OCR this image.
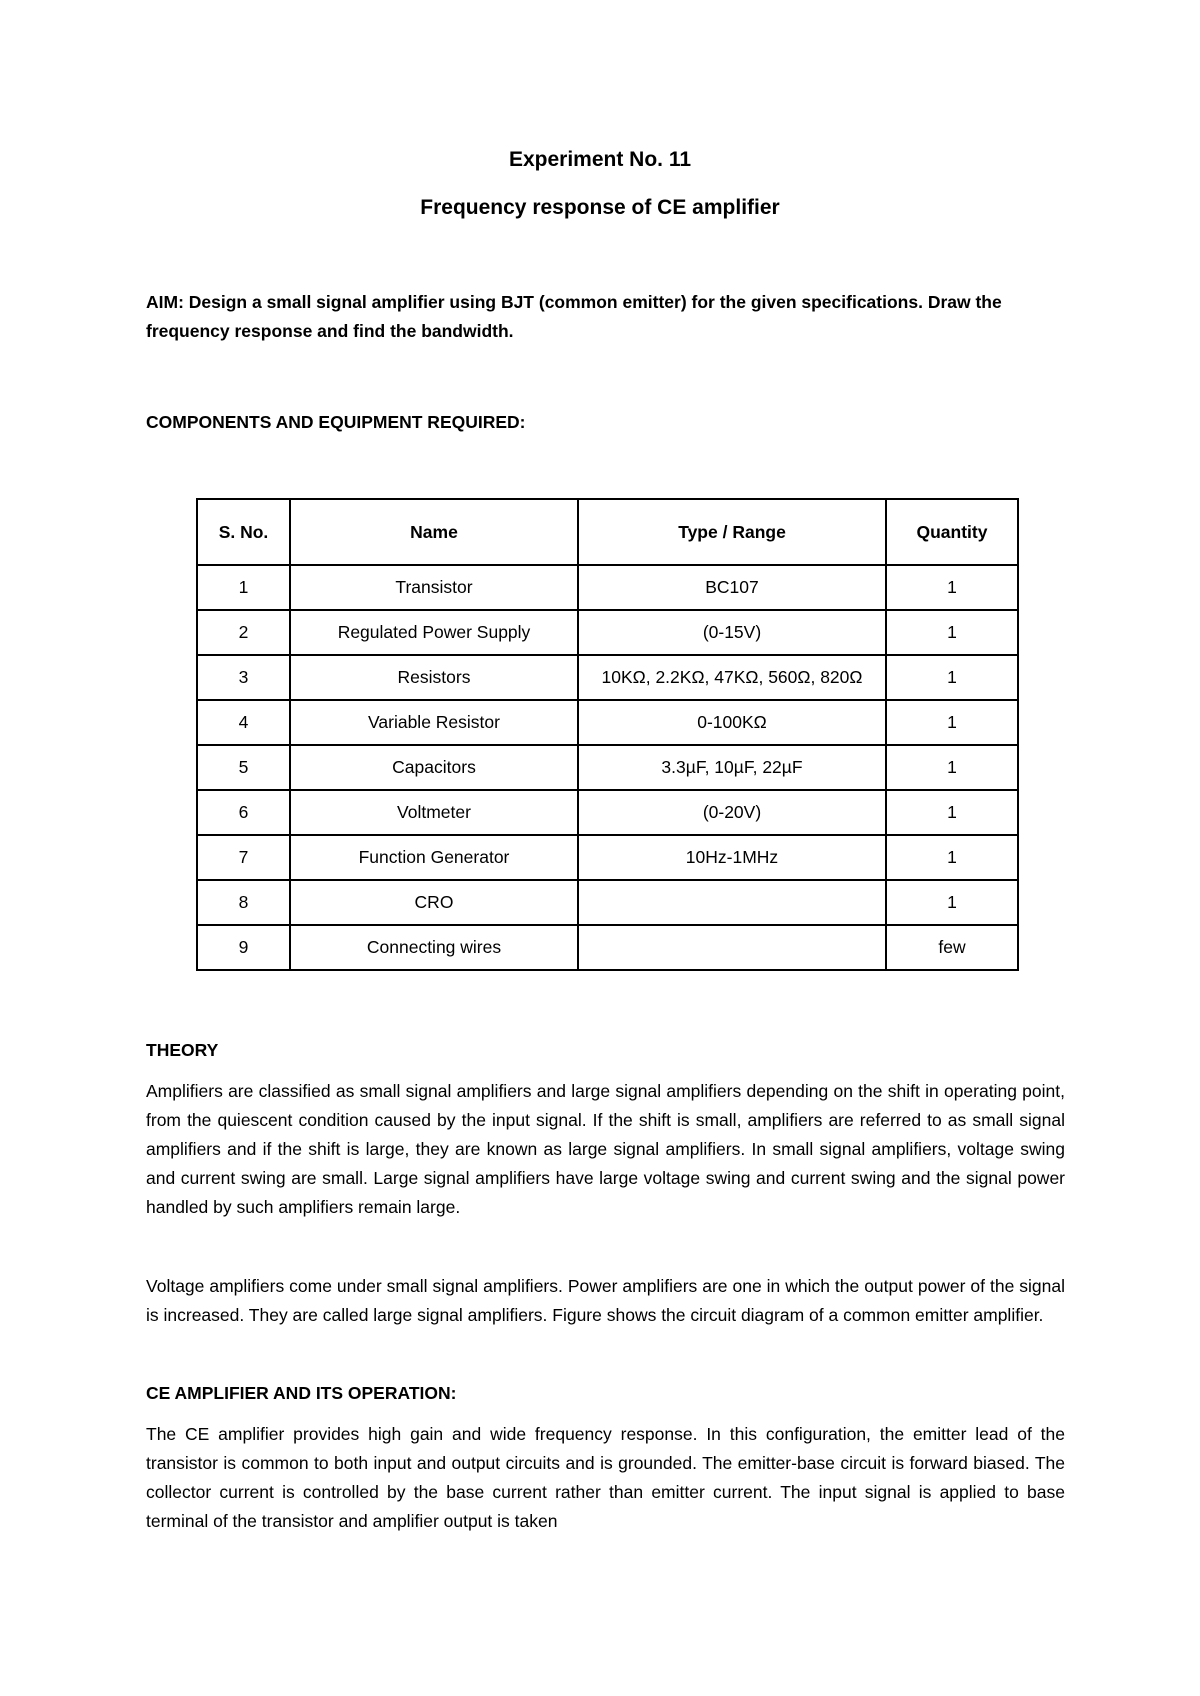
Experiment No. 11
Frequency response of CE amplifier
AIM: Design a small signal amplifier using BJT (common emitter) for the given specifications. Draw the frequency response and find the bandwidth.
COMPONENTS AND EQUIPMENT REQUIRED:
S. No.	Name	Type / Range	Quantity
1	Transistor	BC107	1
2	Regulated Power Supply	(0-15V)	1
3	Resistors	10KΩ, 2.2KΩ, 47KΩ, 560Ω, 820Ω	1
4	Variable Resistor	0-100KΩ	1
5	Capacitors	3.3µF, 10µF, 22µF	1
6	Voltmeter	(0-20V)	1
7	Function Generator	10Hz-1MHz	1
8	CRO		1
9	Connecting wires		few
THEORY
Amplifiers are classified as small signal amplifiers and large signal amplifiers depending on the shift in operating point, from the quiescent condition caused by the input signal. If the shift is small, amplifiers are referred to as small signal amplifiers and if the shift is large, they are known as large signal amplifiers. In small signal amplifiers, voltage swing and current swing are small. Large signal amplifiers have large voltage swing and current swing and the signal power handled by such amplifiers remain large.
Voltage amplifiers come under small signal amplifiers. Power amplifiers are one in which the output power of the signal is increased. They are called large signal amplifiers. Figure shows the circuit diagram of a common emitter amplifier.
CE AMPLIFIER AND ITS OPERATION:
The CE amplifier provides high gain and wide frequency response. In this configuration, the emitter lead of the transistor is common to both input and output circuits and is grounded. The emitter-base circuit is forward biased. The collector current is controlled by the base current rather than emitter current. The input signal is applied to base terminal of the transistor and amplifier output is taken
